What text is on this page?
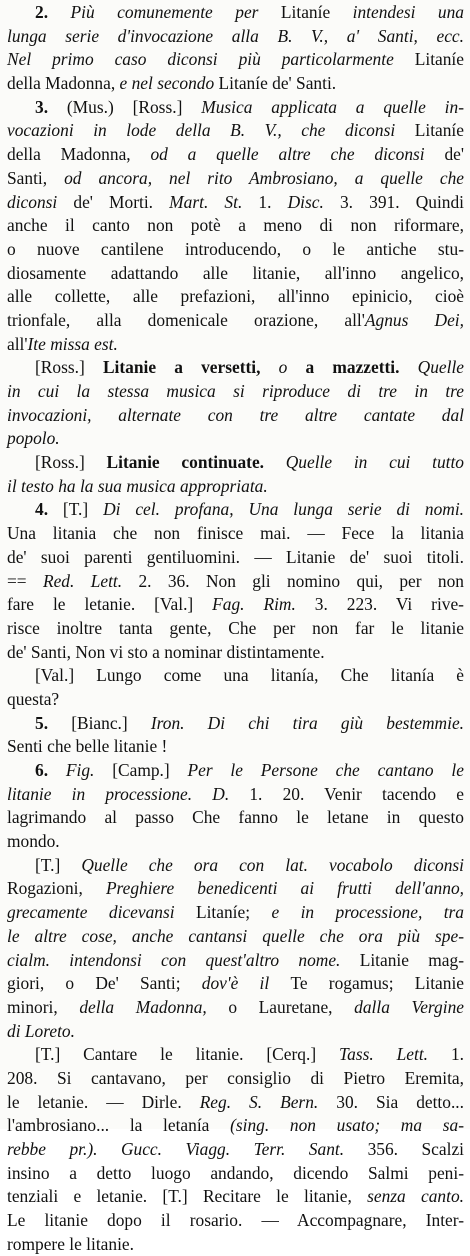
2. Più comunemente per Litaníe intendesi una
lunga serie d'invocazione alla B. V., a' Santi, ecc.
Nel primo caso diconsi più particolarmente Litaníe
della Madonna, e nel secondo Litaníe de' Santi.
3. (Mus.) [Ross.] Musica applicata a quelle in-
vocazioni in lode della B. V., che diconsi Litaníe
della Madonna, od a quelle altre che diconsi de'
Santi, od ancora, nel rito Ambrosiano, a quelle che
diconsi de' Morti. Mart. St. 1. Disc. 3. 391. Quindi
anche il canto non potè a meno di non riformare,
o nuove cantilene introducendo, o le antiche stu-
diosamente adattando alle litanie, all'inno angelico,
alle collette, alle prefazioni, all'inno epinicio, cioè
trionfale, alla domenicale orazione, all'Agnus Dei,
all'Ite missa est.
[Ross.] Litanie a versetti, o a mazzetti. Quelle
in cui la stessa musica si riproduce di tre in tre
invocazioni, alternate con tre altre cantate dal
popolo.
[Ross.] Litanie continuate. Quelle in cui tutto
il testo ha la sua musica appropriata.
4. [T.] Di cel. profana, Una lunga serie di nomi.
Una litania che non finisce mai. — Fece la litania
de' suoi parenti gentiluomini. — Litanie de' suoi titoli.
== Red. Lett. 2. 36. Non gli nomino qui, per non
fare le letanie. [Val.] Fag. Rim. 3. 223. Vi rive-
risce inoltre tanta gente, Che per non far le litanie
de' Santi, Non vi sto a nominar distintamente.
[Val.] Lungo come una litanía, Che litanía è
questa?
5. [Bianc.] Iron. Di chi tira giù bestemmie.
Senti che belle litanie !
6. Fig. [Camp.] Per le Persone che cantano le
litanie in processione. D. 1. 20. Venir tacendo e
lagrimando al passo Che fanno le letane in questo
mondo.
[T.] Quelle che ora con lat. vocabolo diconsi
Rogazioni, Preghiere benedicenti ai frutti dell'anno,
grecamente dicevansi Litaníe; e in processione, tra
le altre cose, anche cantansi quelle che ora più spe-
cialm. intendonsi con quest'altro nome. Litanie mag-
giori, o De' Santi; dov'è il Te rogamus; Litanie
minori, della Madonna, o Lauretane, dalla Vergine
di Loreto.
[T.] Cantare le litanie. [Cerq.] Tass. Lett. 1.
208. Si cantavano, per consiglio di Pietro Eremita,
le letanie. — Dirle. Reg. S. Bern. 30. Sia detto...
l'ambrosiano... la letanía (sing. non usato; ma sa-
rebbe pr.). Gucc. Viagg. Terr. Sant. 356. Scalzi
insino a detto luogo andando, dicendo Salmi peni-
tenziali e letanie. [T.] Recitare le litanie, senza canto.
Le litanie dopo il rosario. — Accompagnare, Inter-
rompere le litanie.
